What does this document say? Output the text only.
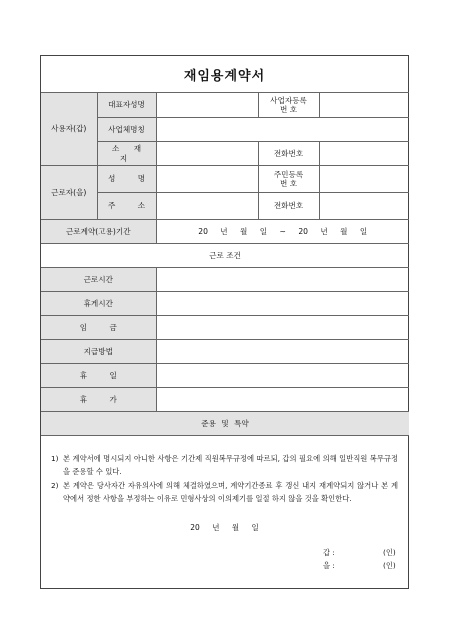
재임용계약서
사용자(갑)	대표자성명		사업자등록
번 호	
	사업체명칭			
	소 재 지		전화번호	
근로자(을)	성 명		주민등록
번 호	
	주 소		전화번호	
근로계약(고용)기간		20 년 월 일 ~ 20 년 월 일		
근로 조건				
근로시간				
휴게시간				
임 금				
지급방법				
휴 일				
휴 가				
준용 및 특약				
1) 본 계약서에 명시되지 아니한 사항은 기간제 직원복무규정에 따르되, 갑의 필요에 의해 일반직원 복무규정을 준용할 수 있다.
2) 본 계약은 당사자간 자유의사에 의해 체결하였으며, 계약기간종료 후 갱신 내지 재계약되지 않거나 본 계약에서 정한 사항을 부정하는 이유로 민형사상의 이의제기를 일절 하지 않을 것을 확인한다.
20 년 월 일
갑 :	(인)
을 :	(인)
